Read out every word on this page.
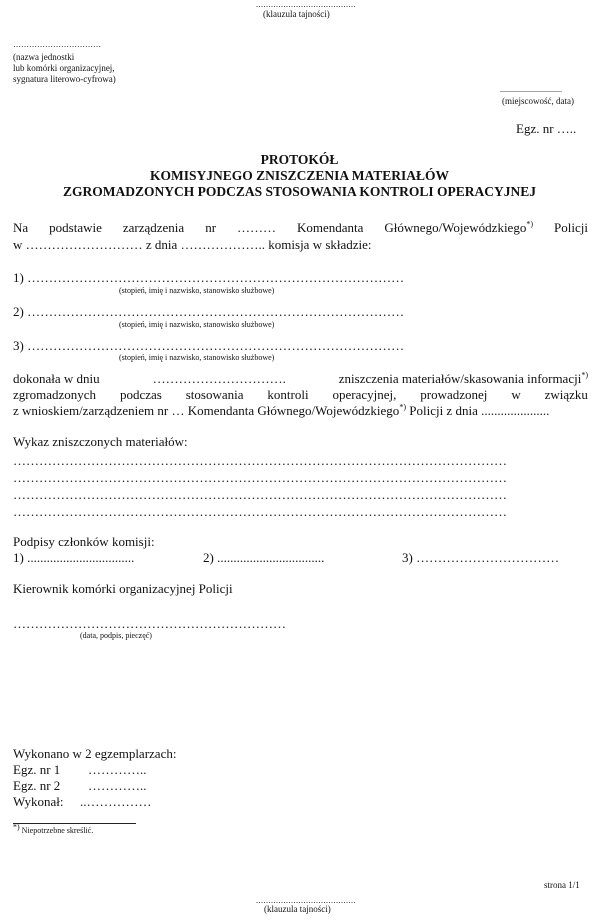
........................................
(klauzula tajności)
……………………………
(nazwa jednostki
lub komórki organizacyjnej,
sygnatura literowo-cyfrowa)
...............................
(miejscowość, data)
Egz. nr …..
PROTOKÓŁ
KOMISYJNEGO ZNISZCZENIA MATERIAŁÓW
ZGROMADZONYCH PODCZAS STOSOWANIA KONTROLI OPERACYJNEJ
Na podstawie zarządzenia nr ……… Komendanta Głównego/Wojewódzkiego*) Policji
w ……………………… z dnia ……………….. komisja w składzie:
1) ……………………………………………………………………………
(stopień, imię i nazwisko, stanowisko służbowe)
2) ……………………………………………………………………………
(stopień, imię i nazwisko, stanowisko służbowe)
3) ……………………………………………………………………………
(stopień, imię i nazwisko, stanowisko służbowe)
dokonała w dniu	………………………….	zniszczenia materiałów/skasowania informacji*)
zgromadzonych podczas stosowania kontroli operacyjnej, prowadzonej w związku
z wnioskiem/zarządzeniem nr … Komendanta Głównego/Wojewódzkiego*) Policji z dnia .....................
Wykaz zniszczonych materiałów:
……………………………………………………………………………………………………
……………………………………………………………………………………………………
……………………………………………………………………………………………………
……………………………………………………………………………………………………
Podpisy członków komisji:
1) .................................	2) .................................	3) ……………………………
Kierownik komórki organizacyjnej Policji
………………………………………………………
(data, podpis, pieczęć)
Wykonano w 2 egzemplarzach:
Egz. nr 1 …………..
Egz. nr 2 …………..
Wykonał: ..……………
*) Niepotrzebne skreślić.
strona 1/1
........................................
(klauzula tajności)
